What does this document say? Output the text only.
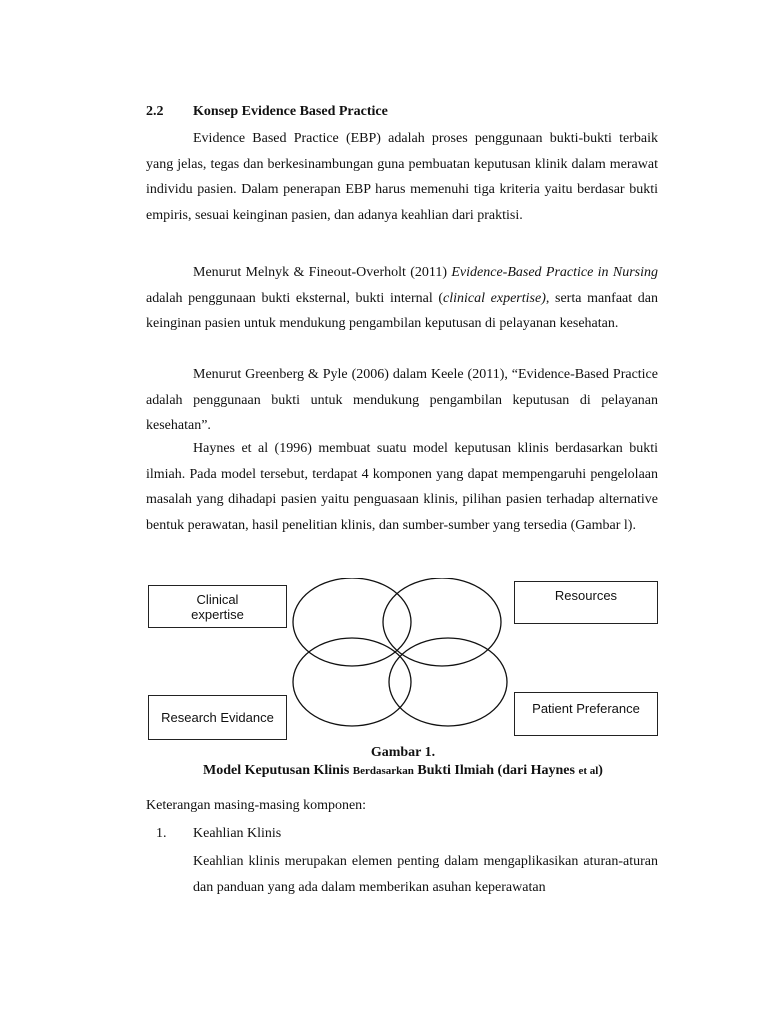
2.2 Konsep Evidence Based Practice

Evidence Based Practice (EBP) adalah proses penggunaan bukti-bukti terbaik yang jelas, tegas dan berkesinambungan guna pembuatan keputusan klinik dalam merawat individu pasien. Dalam penerapan EBP harus memenuhi tiga kriteria yaitu berdasar bukti empiris, sesuai keinginan pasien, dan adanya keahlian dari praktisi.

Menurut Melnyk & Fineout-Overholt (2011) Evidence-Based Practice in Nursing adalah penggunaan bukti eksternal, bukti internal (clinical expertise), serta manfaat dan keinginan pasien untuk mendukung pengambilan keputusan di pelayanan kesehatan.

Menurut Greenberg & Pyle (2006) dalam Keele (2011), “Evidence-Based Practice adalah penggunaan bukti untuk mendukung pengambilan keputusan di pelayanan kesehatan”.

Haynes et al (1996) membuat suatu model keputusan klinis berdasarkan bukti ilmiah. Pada model tersebut, terdapat 4 komponen yang dapat mempengaruhi pengelolaan masalah yang dihadapi pasien yaitu penguasaan klinis, pilihan pasien terhadap alternative bentuk perawatan, hasil penelitian klinis, dan sumber-sumber yang tersedia (Gambar l).

Clinical
expertise
Resources
Research Evidance
Patient Preferance
Gambar 1.
Model Keputusan Klinis Berdasarkan Bukti Ilmiah (dari Haynes et al)
Keterangan masing-masing komponen:
1. Keahlian Klinis

Keahlian klinis merupakan elemen penting dalam mengaplikasikan aturan-aturan dan panduan yang ada dalam memberikan asuhan keperawatan
